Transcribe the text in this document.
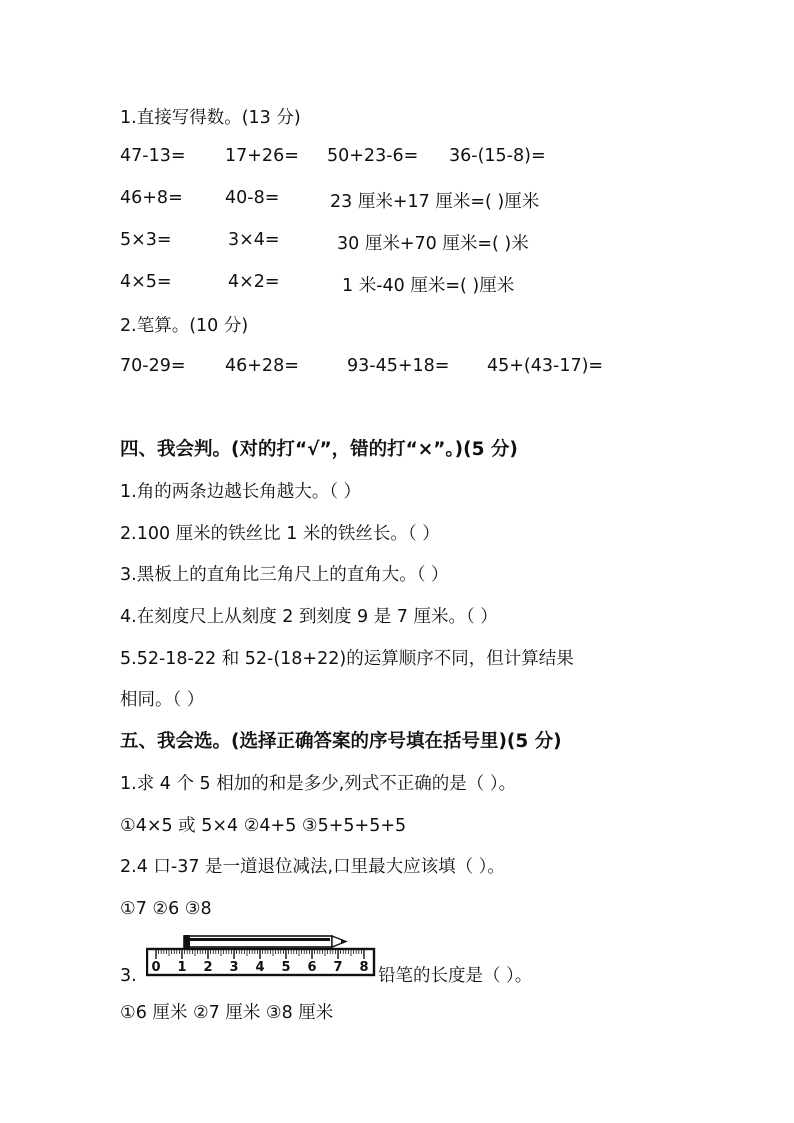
1.直接写得数。(13 分)
47-13= 17+26= 50+23-6= 36-(15-8)=
46+8= 40-8=	23 厘米+17 厘米=( )厘米
5×3=	3×4=	30 厘米+70 厘米=( )米
4×5=	4×2=	1 米-40 厘米=( )厘米
2.笔算。(10 分)
70-29= 46+28=	93-45+18= 45+(43-17)=
四、我会判。(对的打“√”，错的打“×”。)(5 分)
1.角的两条边越长角越大。（ ）
2.100 厘米的铁丝比 1 米的铁丝长。（ ）
3.黑板上的直角比三角尺上的直角大。（ ）
4.在刻度尺上从刻度 2 到刻度 9 是 7 厘米。（ ）
5.52-18-22 和 52-(18+22)的运算顺序不同，但计算结果
相同。（ ）
五、我会选。(选择正确答案的序号填在括号里)(5 分)
1.求 4 个 5 相加的和是多少,列式不正确的是（ ）。
①4×5 或 5×4 ②4+5 ③5+5+5+5
2.4 口-37 是一道退位减法,口里最大应该填（ ）。
①7 ②6 ③8
3. 0 1 2 3 4 5 6 7 8 铅笔的长度是（ ）。
①6 厘米 ②7 厘米 ③8 厘米
